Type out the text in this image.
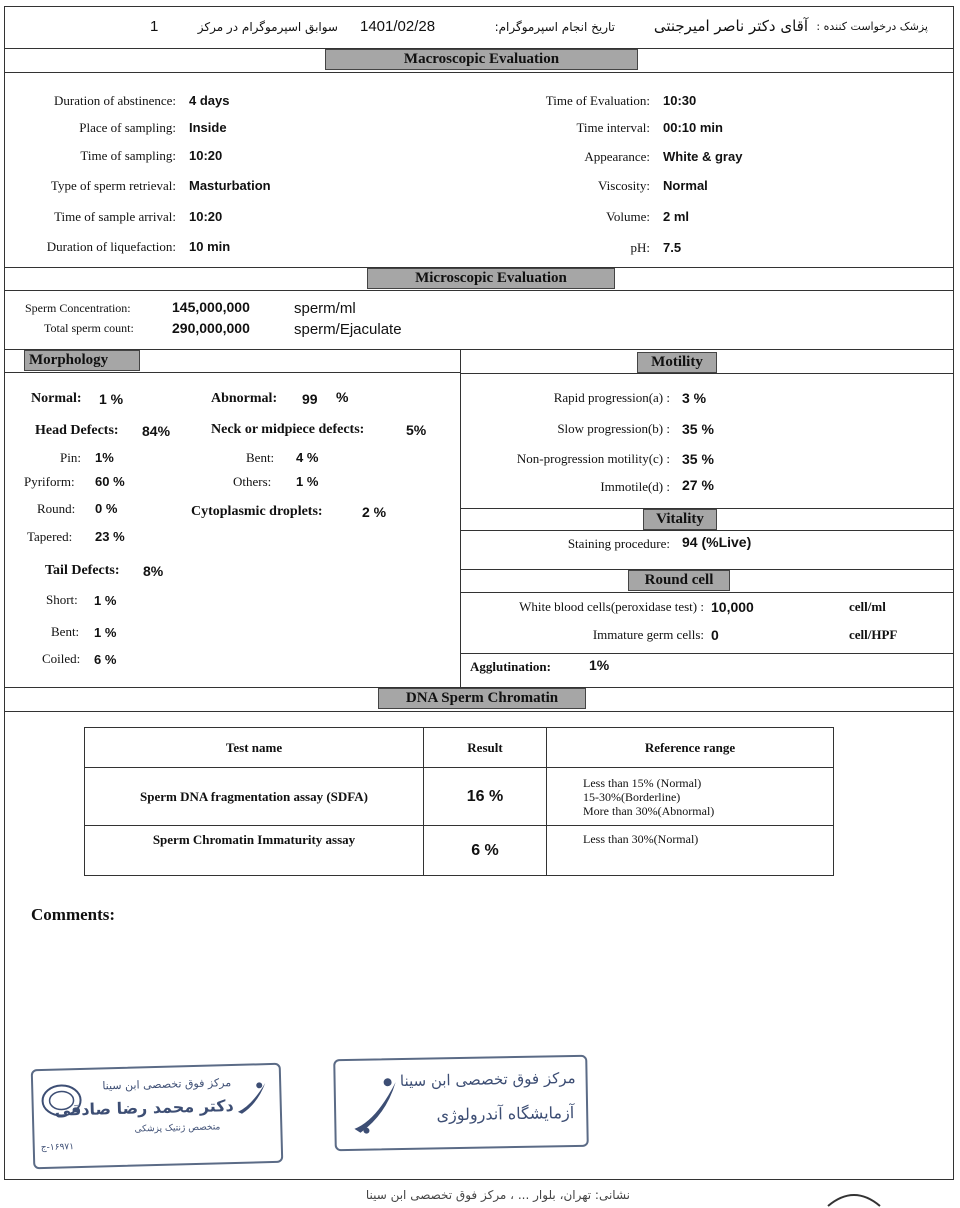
پزشک درخواست کننده :
آقای دکتر ناصر امیرجنتی
تاریخ انجام اسپرموگرام:
1401/02/28
سوابق اسپرموگرام در مرکز
1
Macroscopic Evaluation
Duration of abstinence: 4 days
Place of sampling: Inside
Time of sampling: 10:20
Type of sperm retrieval: Masturbation
Time of sample arrival: 10:20
Duration of liquefaction: 10 min
Time of Evaluation: 10:30
Time interval: 00:10 min
Appearance: White & gray
Viscosity: Normal
Volume: 2 ml
pH: 7.5
Microscopic Evaluation
Sperm Concentration:	145,000,000	sperm/ml
Total sperm count:	290,000,000	sperm/Ejaculate
Morphology
Normal: 1 %	Abnormal: 99 %
Head Defects: 84%	Neck or midpiece defects:	5%
Pin: 1%	Bent: 4 %
Pyriform: 60 %	Others: 1 %
Round: 0 %	Cytoplasmic droplets:	2 %
Tapered: 23 %
Tail Defects: 8%
Short: 1 %
Bent: 1 %
Coiled: 6 %
Motility
Rapid progression(a) : 3 %
Slow progression(b) : 35 %
Non-progression motility(c) : 35 %
Immotile(d) : 27 %
Vitality
Staining procedure: 94 (%Live)
Round cell
White blood cells(peroxidase test) : 10,000	cell/ml
Immature germ cells: 0	cell/HPF
Agglutination:	1%
DNA Sperm Chromatin
Test name	Result	Reference range
Sperm DNA fragmentation assay (SDFA)	16 %	Less than 15% (Normal)
15-30%(Borderline)
More than 30%(Abnormal)

Sperm Chromatin Immaturity assay	6 %	Less than 30%(Normal)
Comments:
مرکز فوق تخصصی ابن سینا
دکتر محمد رضا صادقی
متخصص ژنتیک پزشکی
۱۶۹۷۱-ج
مرکز فوق تخصصی ابن سینا
آزمایشگاه آندرولوژی
نشانی: تهران، بلوار ... ، مرکز فوق تخصصی ابن سینا
